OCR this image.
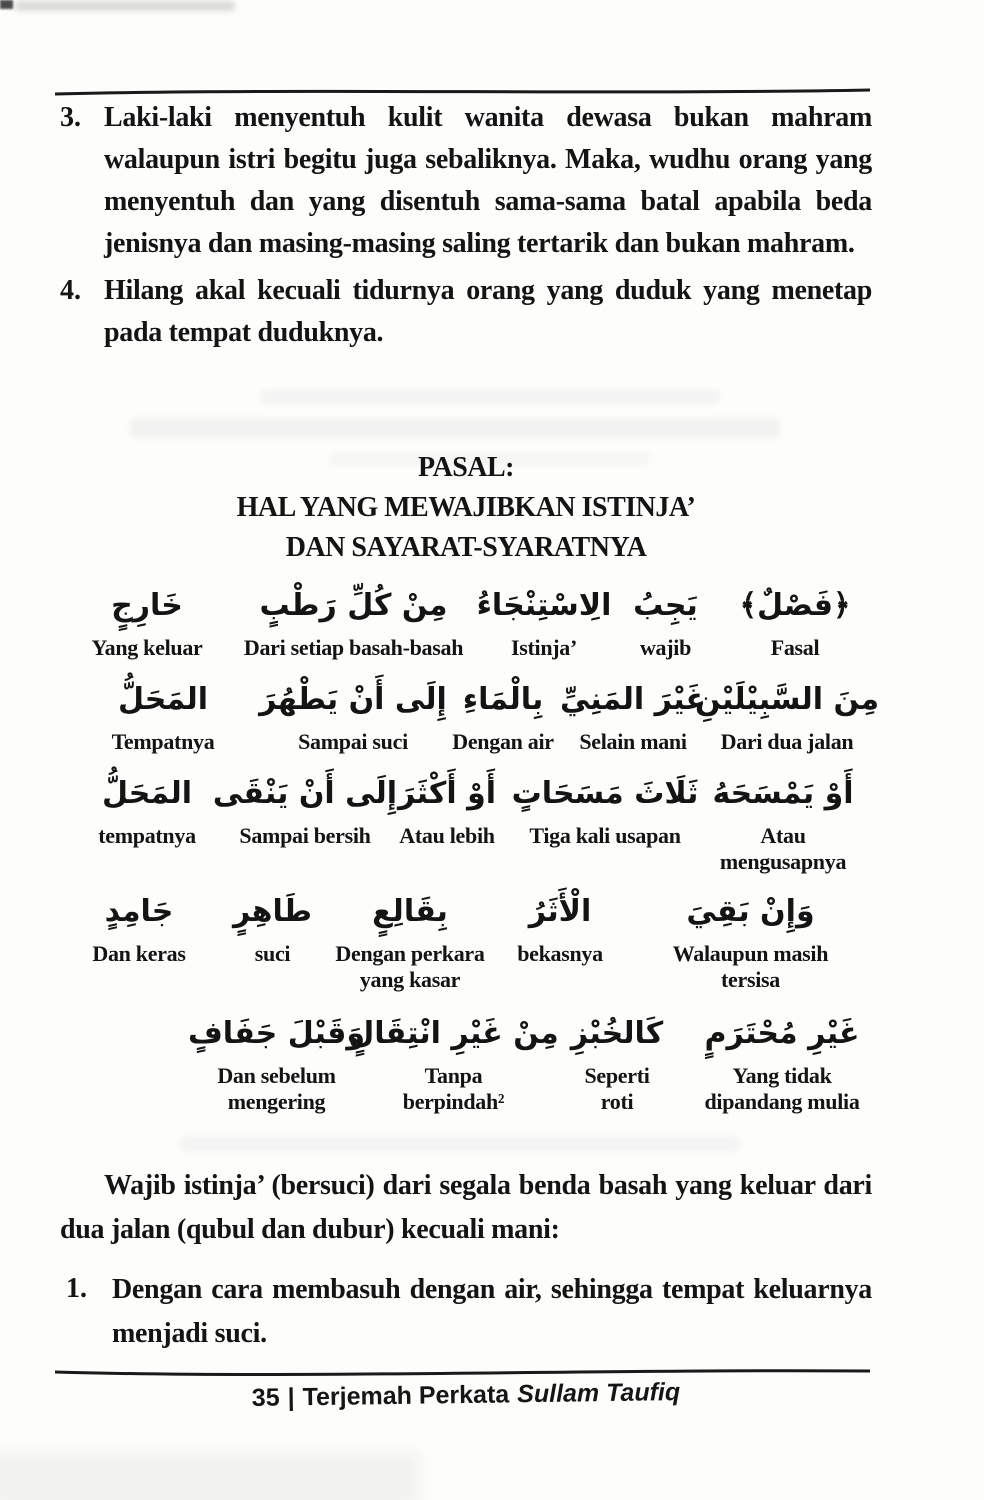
3. Laki-laki menyentuh kulit wanita dewasa bukan mahram walaupun istri begitu juga sebaliknya. Maka, wudhu orang yang menyentuh dan yang disentuh sama-sama batal apabila beda jenisnya dan masing-masing saling tertarik dan bukan mahram.
4. Hilang akal kecuali tidurnya orang yang duduk yang menetap pada tempat duduknya.
PASAL:
HAL YANG MEWAJIBKAN ISTINJA’
DAN SAYARAT-SYARATNYA
﴿فَصْلٌ﴾
Fasal
يَجِبُ
wajib
الِاسْتِنْجَاءُ
Istinja’
مِنْ كُلِّ رَطْبٍ
Dari setiap basah-basah
خَارِجٍ
Yang keluar
مِنَ السَّبِيْلَيْنِ
Dari dua jalan
غَيْرَ المَنِيِّ
Selain mani
بِالْمَاءِ
Dengan air
إِلَى أَنْ يَطْهُرَ
Sampai suci
المَحَلُّ
Tempatnya
أَوْ يَمْسَحَهُ
Atau mengusapnya
ثَلَاثَ مَسَحَاتٍ
Tiga kali usapan
أَوْ أَكْثَرَ
Atau lebih
إِلَى أَنْ يَنْقَى
Sampai bersih
المَحَلُّ
tempatnya
وَإِنْ بَقِيَ
Walaupun masih tersisa
الْأَثَرُ
bekasnya
بِقَالِعٍ
Dengan perkara yang kasar
طَاهِرٍ
suci
جَامِدٍ
Dan keras
غَيْرِ مُحْتَرَمٍ
Yang tidak dipandang mulia
كَالخُبْزِ
Seperti roti
مِنْ غَيْرِ انْتِقَالٍ
Tanpa berpindah²
وَقَبْلَ جَفَافٍ
Dan sebelum mengering
Wajib istinja’ (bersuci) dari segala benda basah yang keluar dari dua jalan (qubul dan dubur) kecuali mani:
1. Dengan cara membasuh dengan air, sehingga tempat keluarnya menjadi suci.
35 | Terjemah Perkata Sullam Taufiq
